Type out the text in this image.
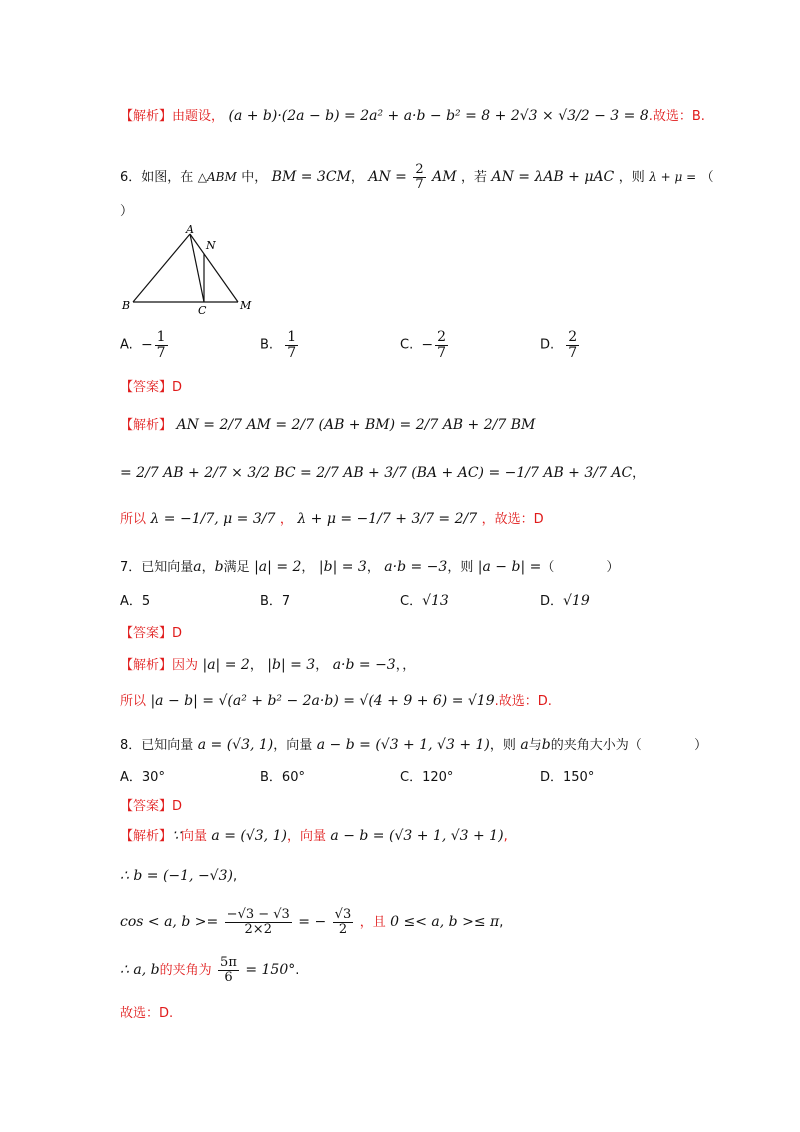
【解析】由题设， (a + b)·(2a − b) = 2a² + a·b − b² = 8 + 2√3 × √3/2 − 3 = 8.故选：B.
6．如图，在 △ABM 中， BM = 3CM， AN = $\frac{2}{7}$ AM ，若 AN = λAB + μAC ，则 λ + μ = （
）
A
N
B	C	M
A. − $\frac{1}{7}$	B. $\frac{1}{7}$	C. − $\frac{2}{7}$	D. $\frac{2}{7}$
【答案】D
【解析】 AN = 2/7 AM = 2/7 (AB + BM) = 2/7 AB + 2/7 BM
= 2/7 AB + 2/7 × 3/2 BC = 2/7 AB + 3/7 (BA + AC) = −1/7 AB + 3/7 AC，
所以 λ = −1/7, μ = 3/7 ， λ + μ = −1/7 + 3/7 = 2/7 ，故选：D
7．已知向量a，b满足 |a| = 2， |b| = 3， a·b = −3，则 |a − b| =（　　　　）
A．5	B．7	C．√13	D．√19
【答案】D
【解析】因为 |a| = 2， |b| = 3， a·b = −3，，
所以 |a − b| = √(a² + b² − 2a·b) = √(4 + 9 + 6) = √19.故选：D.
8．已知向量 a = (√3, 1)，向量 a − b = (√3 + 1, √3 + 1)，则 a与b的夹角大小为（	）
A．30°	B．60°	C．120°	D．150°
【答案】D
【解析】∵向量 a = (√3, 1)，向量 a − b = (√3 + 1, √3 + 1),
∴ b = (−1, −√3),
cos < a, $b >= \frac{-√3 - √3}{2\times 2}$ = − $\frac{√3}{2}$ ，且 0 ≤< a, b >≤ π,
∴ a, b的夹角为 $\frac{5\pi}{6} = 150^\circ$.
故选：D.
